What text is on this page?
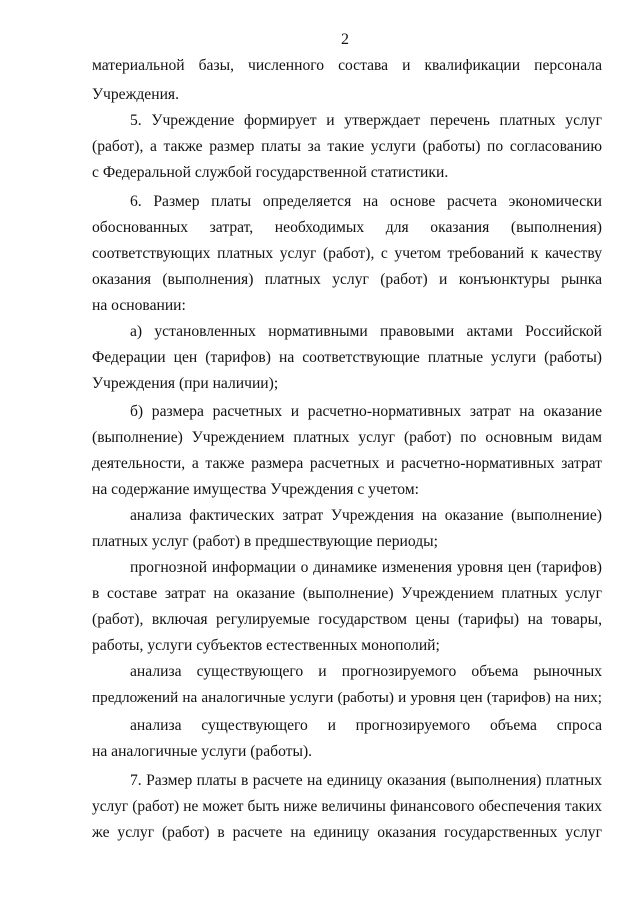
2
материальной базы, численного состава и квалификации персонала
Учреждения.
5. Учреждение формирует и утверждает перечень платных услуг
(работ), а также размер платы за такие услуги (работы) по согласованию
с Федеральной службой государственной статистики.
6. Размер платы определяется на основе расчета экономически
обоснованных затрат, необходимых для оказания (выполнения)
соответствующих платных услуг (работ), с учетом требований к качеству
оказания (выполнения) платных услуг (работ) и конъюнктуры рынка
на основании:
а) установленных нормативными правовыми актами Российской
Федерации цен (тарифов) на соответствующие платные услуги (работы)
Учреждения (при наличии);
б) размера расчетных и расчетно-нормативных затрат на оказание
(выполнение) Учреждением платных услуг (работ) по основным видам
деятельности, а также размера расчетных и расчетно-нормативных затрат
на содержание имущества Учреждения с учетом:
анализа фактических затрат Учреждения на оказание (выполнение)
платных услуг (работ) в предшествующие периоды;
прогнозной информации о динамике изменения уровня цен (тарифов)
в составе затрат на оказание (выполнение) Учреждением платных услуг
(работ), включая регулируемые государством цены (тарифы) на товары,
работы, услуги субъектов естественных монополий;
анализа существующего и прогнозируемого объема рыночных
предложений на аналогичные услуги (работы) и уровня цен (тарифов) на них;
анализа существующего и прогнозируемого объема спроса
на аналогичные услуги (работы).
7. Размер платы в расчете на единицу оказания (выполнения) платных
услуг (работ) не может быть ниже величины финансового обеспечения таких
же услуг (работ) в расчете на единицу оказания государственных услуг
